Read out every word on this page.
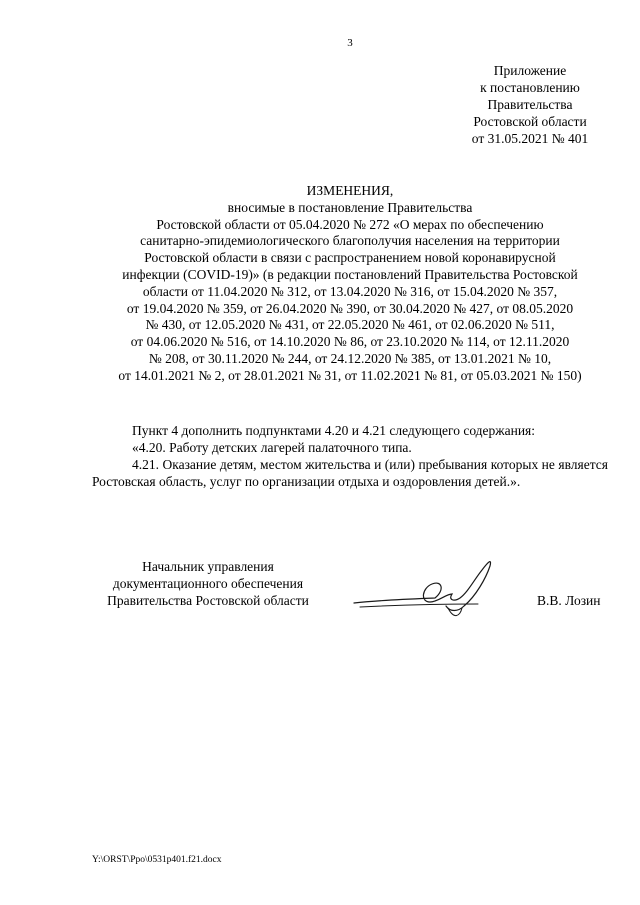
3
Приложение
к постановлению
Правительства
Ростовской области
от 31.05.2021 № 401
ИЗМЕНЕНИЯ,
вносимые в постановление Правительства
Ростовской области от 05.04.2020 № 272 «О мерах по обеспечению
санитарно-эпидемиологического благополучия населения на территории
Ростовской области в связи с распространением новой коронавирусной
инфекции (COVID-19)» (в редакции постановлений Правительства Ростовской
области от 11.04.2020 № 312, от 13.04.2020 № 316, от 15.04.2020 № 357,
от 19.04.2020 № 359, от 26.04.2020 № 390, от 30.04.2020 № 427, от 08.05.2020
№ 430, от 12.05.2020 № 431, от 22.05.2020 № 461, от 02.06.2020 № 511,
от 04.06.2020 № 516, от 14.10.2020 № 86, от 23.10.2020 № 114, от 12.11.2020
№ 208, от 30.11.2020 № 244, от 24.12.2020 № 385, от 13.01.2021 № 10,
от 14.01.2021 № 2, от 28.01.2021 № 31, от 11.02.2021 № 81, от 05.03.2021 № 150)
Пункт 4 дополнить подпунктами 4.20 и 4.21 следующего содержания:
«4.20. Работу детских лагерей палаточного типа.
4.21. Оказание детям, местом жительства и (или) пребывания которых не является Ростовская область, услуг по организации отдыха и оздоровления детей.».
Начальник управления
документационного обеспечения
Правительства Ростовской области	В.В. Лозин
Y:\ORST\Ppo\0531p401.f21.docx
